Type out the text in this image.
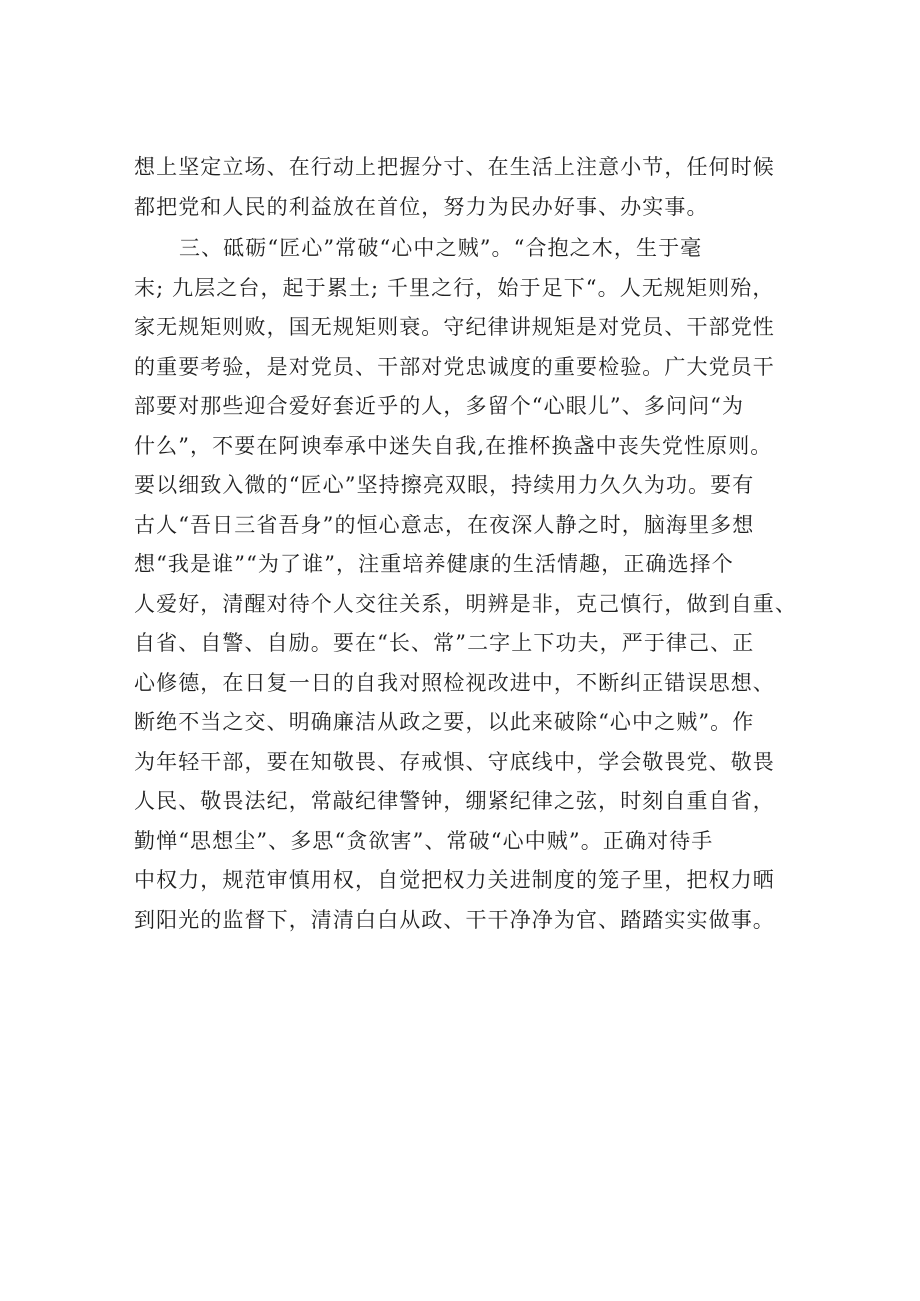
想上坚定立场、在行动上把握分寸、在生活上注意小节，任何时候
都把党和人民的利益放在首位，努力为民办好事、办实事。
三、砥砺“匠心”常破“心中之贼”。“合抱之木，生于毫
末; 九层之台，起于累土; 千里之行，始于足下“。人无规矩则殆，
家无规矩则败，国无规矩则衰。守纪律讲规矩是对党员、干部党性
的重要考验，是对党员、干部对党忠诚度的重要检验。广大党员干
部要对那些迎合爱好套近乎的人，多留个“心眼儿”、多问问“为
什么”，不要在阿谀奉承中迷失自我,在推杯换盏中丧失党性原则。
要以细致入微的“匠心”坚持擦亮双眼，持续用力久久为功。要有
古人“吾日三省吾身”的恒心意志，在夜深人静之时，脑海里多想
想“我是谁”“为了谁”，注重培养健康的生活情趣，正确选择个
人爱好，清醒对待个人交往关系，明辨是非，克己慎行，做到自重、
自省、自警、自励。要在“长、常”二字上下功夫，严于律己、正
心修德，在日复一日的自我对照检视改进中，不断纠正错误思想、
断绝不当之交、明确廉洁从政之要，以此来破除“心中之贼”。作
为年轻干部，要在知敬畏、存戒惧、守底线中，学会敬畏党、敬畏
人民、敬畏法纪，常敲纪律警钟，绷紧纪律之弦，时刻自重自省，
勤惮“思想尘”、多思“贪欲害”、常破“心中贼”。正确对待手
中权力，规范审慎用权，自觉把权力关进制度的笼子里，把权力晒
到阳光的监督下，清清白白从政、干干净净为官、踏踏实实做事。
